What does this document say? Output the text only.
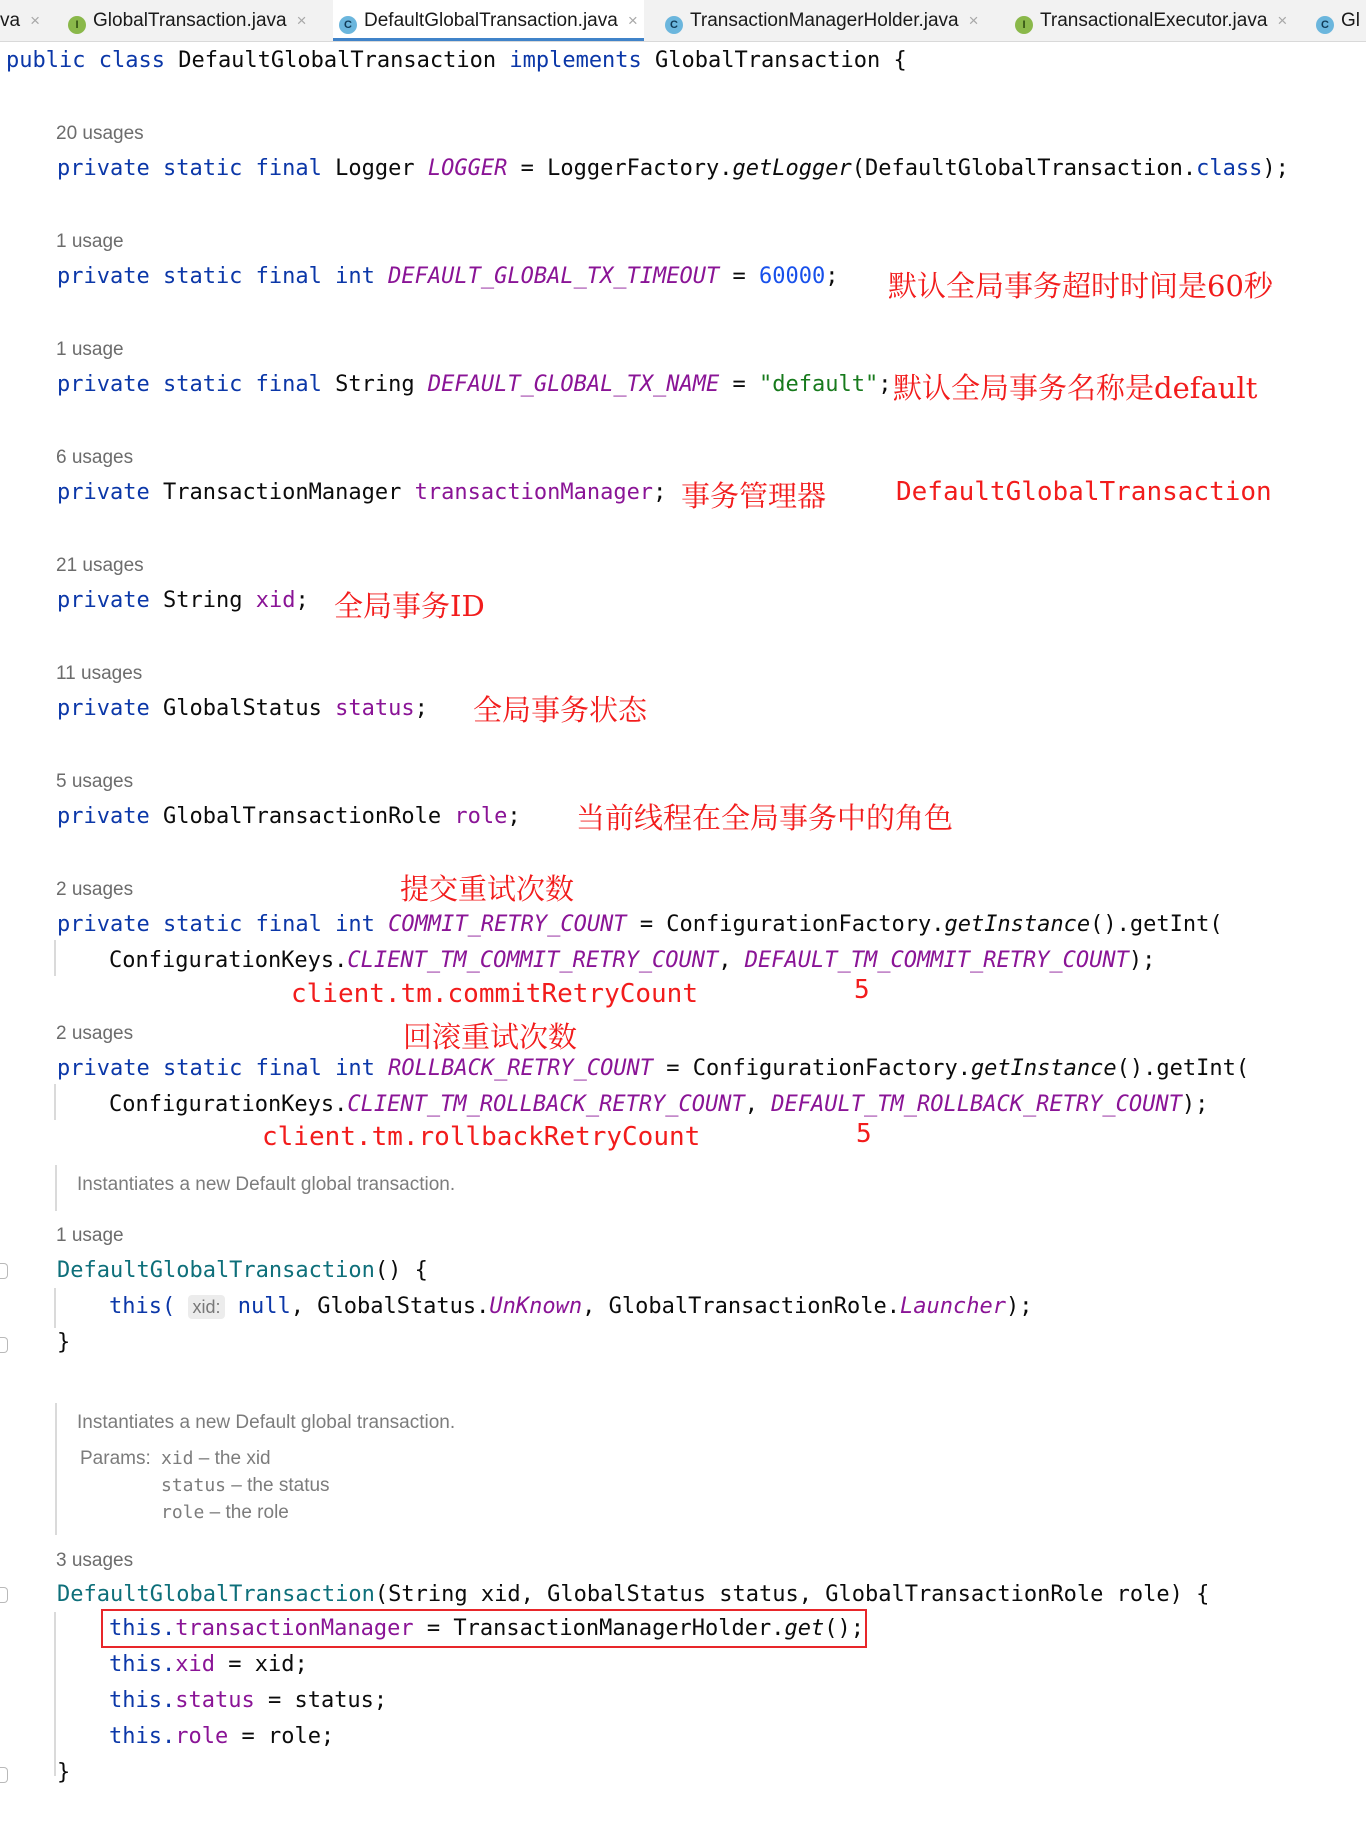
va ×	I GlobalTransaction.java ×	C DefaultGlobalTransaction.java ×	C TransactionManagerHolder.java ×	I TransactionalExecutor.java ×	C Gl
public class DefaultGlobalTransaction implements GlobalTransaction {
20 usages
private static final Logger LOGGER = LoggerFactory.getLogger(DefaultGlobalTransaction.class);
1 usage
private static final int DEFAULT_GLOBAL_TX_TIMEOUT = 60000; 默认全局事务超时时间是60秒
1 usage
private static final String DEFAULT_GLOBAL_TX_NAME = "default"; 默认全局事务名称是default
6 usages
private TransactionManager transactionManager; 事务管理器	DefaultGlobalTransaction
21 usages
private String xid; 全局事务ID
11 usages
private GlobalStatus status; 全局事务状态
5 usages
private GlobalTransactionRole role; 当前线程在全局事务中的角色
提交重试次数
2 usages
private static final int COMMIT_RETRY_COUNT = ConfigurationFactory.getInstance().getInt(
ConfigurationKeys.CLIENT_TM_COMMIT_RETRY_COUNT, DEFAULT_TM_COMMIT_RETRY_COUNT);
client.tm.commitRetryCount	5
回滚重试次数
2 usages
private static final int ROLLBACK_RETRY_COUNT = ConfigurationFactory.getInstance().getInt(
ConfigurationKeys.CLIENT_TM_ROLLBACK_RETRY_COUNT, DEFAULT_TM_ROLLBACK_RETRY_COUNT);
client.tm.rollbackRetryCount	5
Instantiates a new Default global transaction.
1 usage
DefaultGlobalTransaction() {
this( xid: null, GlobalStatus.UnKnown, GlobalTransactionRole.Launcher);
}
Instantiates a new Default global transaction.
Params: xid – the xid
status – the status
role – the role
3 usages
DefaultGlobalTransaction(String xid, GlobalStatus status, GlobalTransactionRole role) {
this.transactionManager = TransactionManagerHolder.get();
this.xid = xid;
this.status = status;
this.role = role;
}
